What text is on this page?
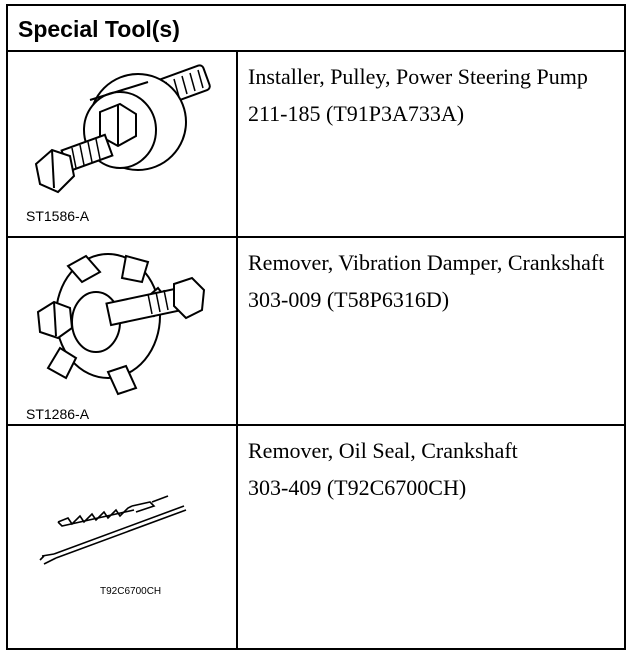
Special Tool(s)
ST1586-A
Installer, Pulley, Power Steering Pump
211-185 (T91P3A733A)
ST1286-A
Remover, Vibration Damper, Crankshaft
303-009 (T58P6316D)
T92C6700CH
Remover, Oil Seal, Crankshaft
303-409 (T92C6700CH)
